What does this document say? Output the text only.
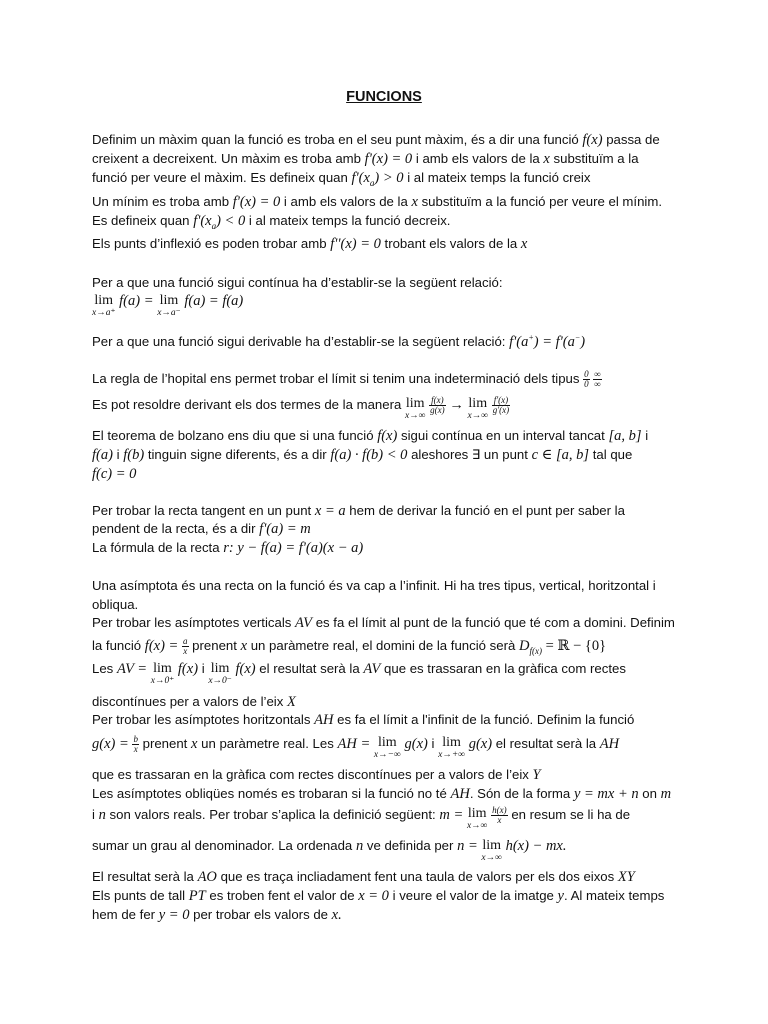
FUNCIONS
Definim un màxim quan la funció es troba en el seu punt màxim, és a dir una funció f(x) passa de
creixent a decreixent. Un màxim es troba amb f'(x) = 0 i amb els valors de la x substituïm a la
funció per veure el màxim. Es defineix quan $f'(x_a) > 0$ i al mateix temps la funció creix
Un mínim es troba amb f'(x) = 0 i amb els valors de la x substituïm a la funció per veure el mínim.
Es defineix quan $f'(x_a) < 0$ i al mateix temps la funció decreix.
Els punts d’inflexió es poden trobar amb f''(x) = 0 trobant els valors de la x
Per a que una funció sigui contínua ha d’establir-se la següent relació:
lim
x→a⁺
f(a) = lim
x→a⁻
f(a) = f(a)
Per a que una funció sigui derivable ha d’establir-se la següent relació: f'(a+) = f'(a−)
La regla de l’hopital ens permet trobar el límit si tenim una indeterminació dels tipus $\frac{0}{0}$
$\frac{\infty}{\infty}$
Es pot resoldre derivant els dos termes de la manera lim
x→∞

$\frac{f(x)}{g(x)} \to \lim$
x→∞

$\frac{f'(x)}{g'(x)}$
El teorema de bolzano ens diu que si una funció f(x) sigui contínua en un interval tancat [a, b] i
f(a) i f(b) tinguin signe diferents, és a dir f(a) · f(b) < 0 aleshores ∃ un punt c ∈ [a, b] tal que
f(c) = 0
Per trobar la recta tangent en un punt x = a hem de derivar la funció en el punt per saber la
pendent de la recta, és a dir f'(a) = m
La fórmula de la recta r: y − f(a) = f'(a)(x − a)
Una asímptota és una recta on la funció és va cap a l’infinit. Hi ha tres tipus, vertical, horitzontal i
obliqua.
Per trobar les asímptotes verticals AV es fa el límit al punt de la funció que té com a domini. Definim
la funció $f(x) = \frac{a}{x}$ prenent x un paràmetre real, el domini de la funció serà $D_{f(x)}$ = ℝ − {0}
Les AV = lim
x→0⁺
f(x) i lim
x→0⁻
f(x) el resultat serà la AV que es trassaran en la gràfica com rectes
discontínues per a valors de l’eix X
Per trobar les asímptotes horitzontals AH es fa el límit a l'infinit de la funció. Definim la funció
$g(x) = \frac{b}{x}$ prenent x un paràmetre real. Les AH = lim
x→−∞
g(x) i lim
x→+∞
g(x) el resultat serà la AH
que es trassaran en la gràfica com rectes discontínues per a valors de l’eix Y
Les asímptotes obliqües només es trobaran si la funció no té AH. Són de la forma y = mx + n on m
i n son valors reals. Per trobar s’aplica la definició següent: m = lim
x→∞

$\frac{h(x)}{x}$ en resum se li ha de
sumar un grau al denominador. La ordenada n ve definida per n = lim
x→∞
h(x) − mx.
El resultat serà la AO que es traça incliadament fent una taula de valors per els dos eixos XY
Els punts de tall PT es troben fent el valor de x = 0 i veure el valor de la imatge y. Al mateix temps
hem de fer y = 0 per trobar els valors de x.
